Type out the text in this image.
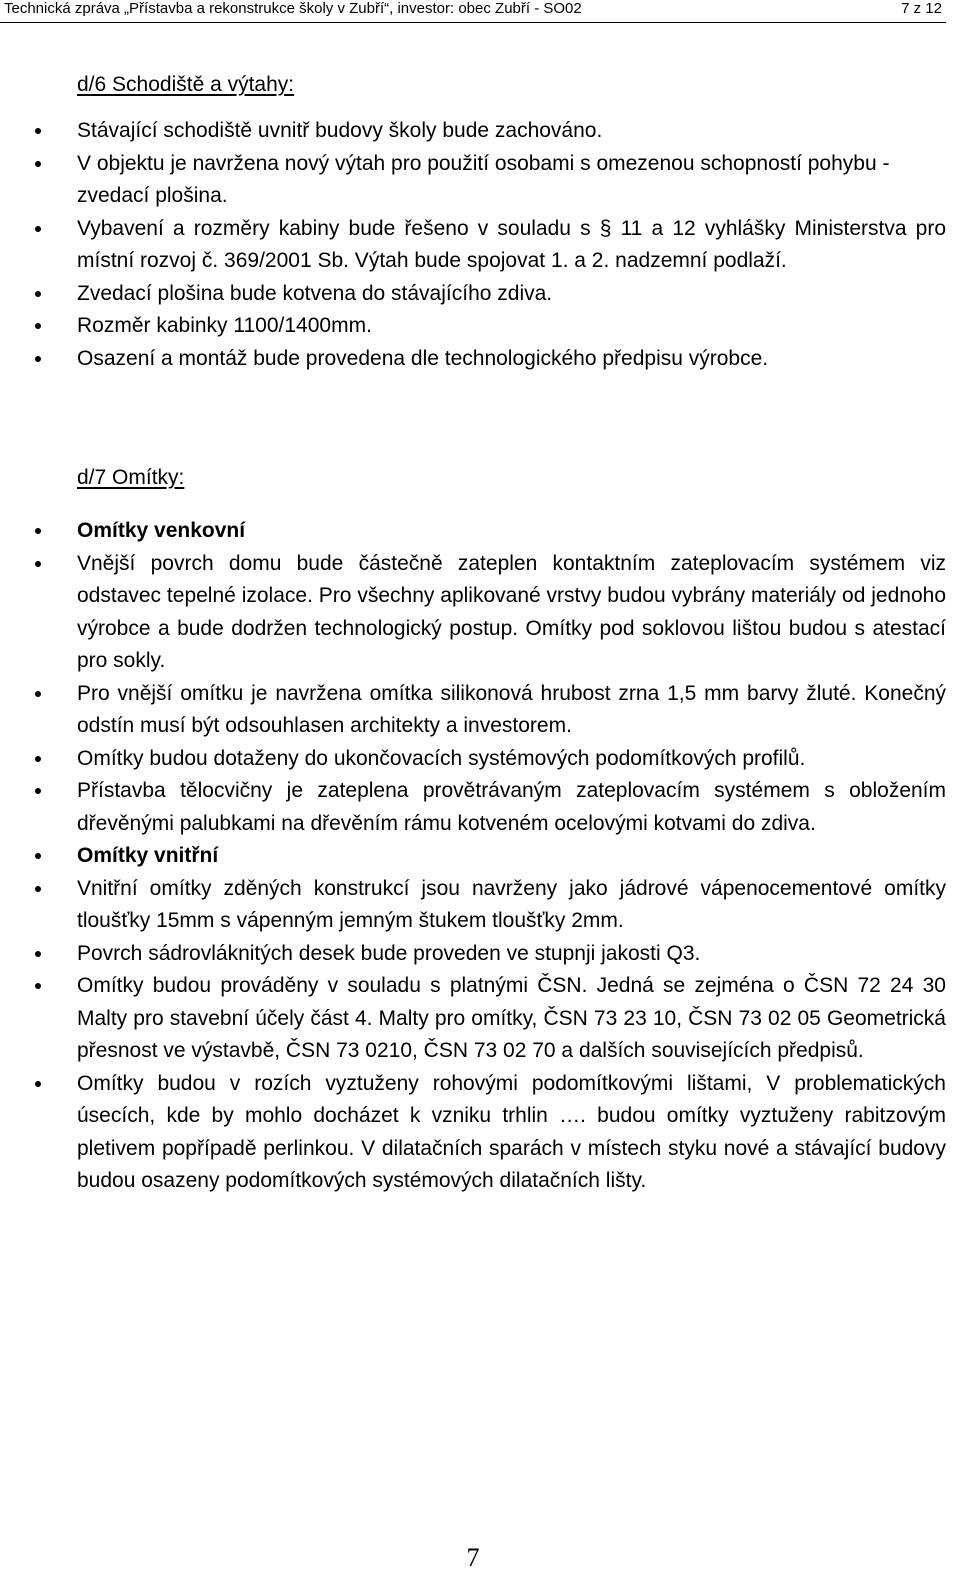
Technická zpráva „Přístavba a rekonstrukce školy v Zubří“, investor: obec Zubří - SO02	7 z 12
d/6 Schodiště a výtahy:
Stávající schodiště uvnitř budovy školy bude zachováno.
V objektu je navržena nový výtah pro použití osobami s omezenou schopností pohybu - zvedací plošina.
Vybavení a rozměry kabiny bude řešeno v souladu s § 11 a 12 vyhlášky Ministerstva pro místní rozvoj č. 369/2001 Sb. Výtah bude spojovat 1. a 2. nadzemní podlaží.
Zvedací plošina bude kotvena do stávajícího zdiva.
Rozměr kabinky 1100/1400mm.
Osazení a montáž bude provedena dle technologického předpisu výrobce.
d/7 Omítky:
Omítky venkovní
Vnější povrch domu bude částečně zateplen kontaktním zateplovacím systémem viz odstavec tepelné izolace. Pro všechny aplikované vrstvy budou vybrány materiály od jednoho výrobce a bude dodržen technologický postup. Omítky pod soklovou lištou budou s atestací pro sokly.
Pro vnější omítku je navržena omítka silikonová hrubost zrna 1,5 mm barvy žluté. Konečný odstín musí být odsouhlasen architekty a investorem.
Omítky budou dotaženy do ukončovacích systémových podomítkových profilů.
Přístavba tělocvičny je zateplena provětrávaným zateplovacím systémem s obložením dřevěnými palubkami na dřevěním rámu kotveném ocelovými kotvami do zdiva.
Omítky vnitřní
Vnitřní omítky zděných konstrukcí jsou navrženy jako jádrové vápenocementové omítky tloušťky 15mm s vápenným jemným štukem tloušťky 2mm.
Povrch sádrovláknitých desek bude proveden ve stupnji jakosti Q3.
Omítky budou prováděny v souladu s platnými ČSN. Jedná se zejména o ČSN 72 24 30 Malty pro stavební účely část 4. Malty pro omítky, ČSN 73 23 10, ČSN 73 02 05 Geometrická přesnost ve výstavbě, ČSN 73 0210, ČSN 73 02 70 a dalších souvisejících předpisů.
Omítky budou v rozích vyztuženy rohovými podomítkovými lištami, V problematických úsecích, kde by mohlo docházet k vzniku trhlin …. budou omítky vyztuženy rabitzovým pletivem popřípadě perlinkou. V dilatačních sparách v místech styku nové a stávající budovy budou osazeny podomítkových systémových dilatačních lišty.
7
